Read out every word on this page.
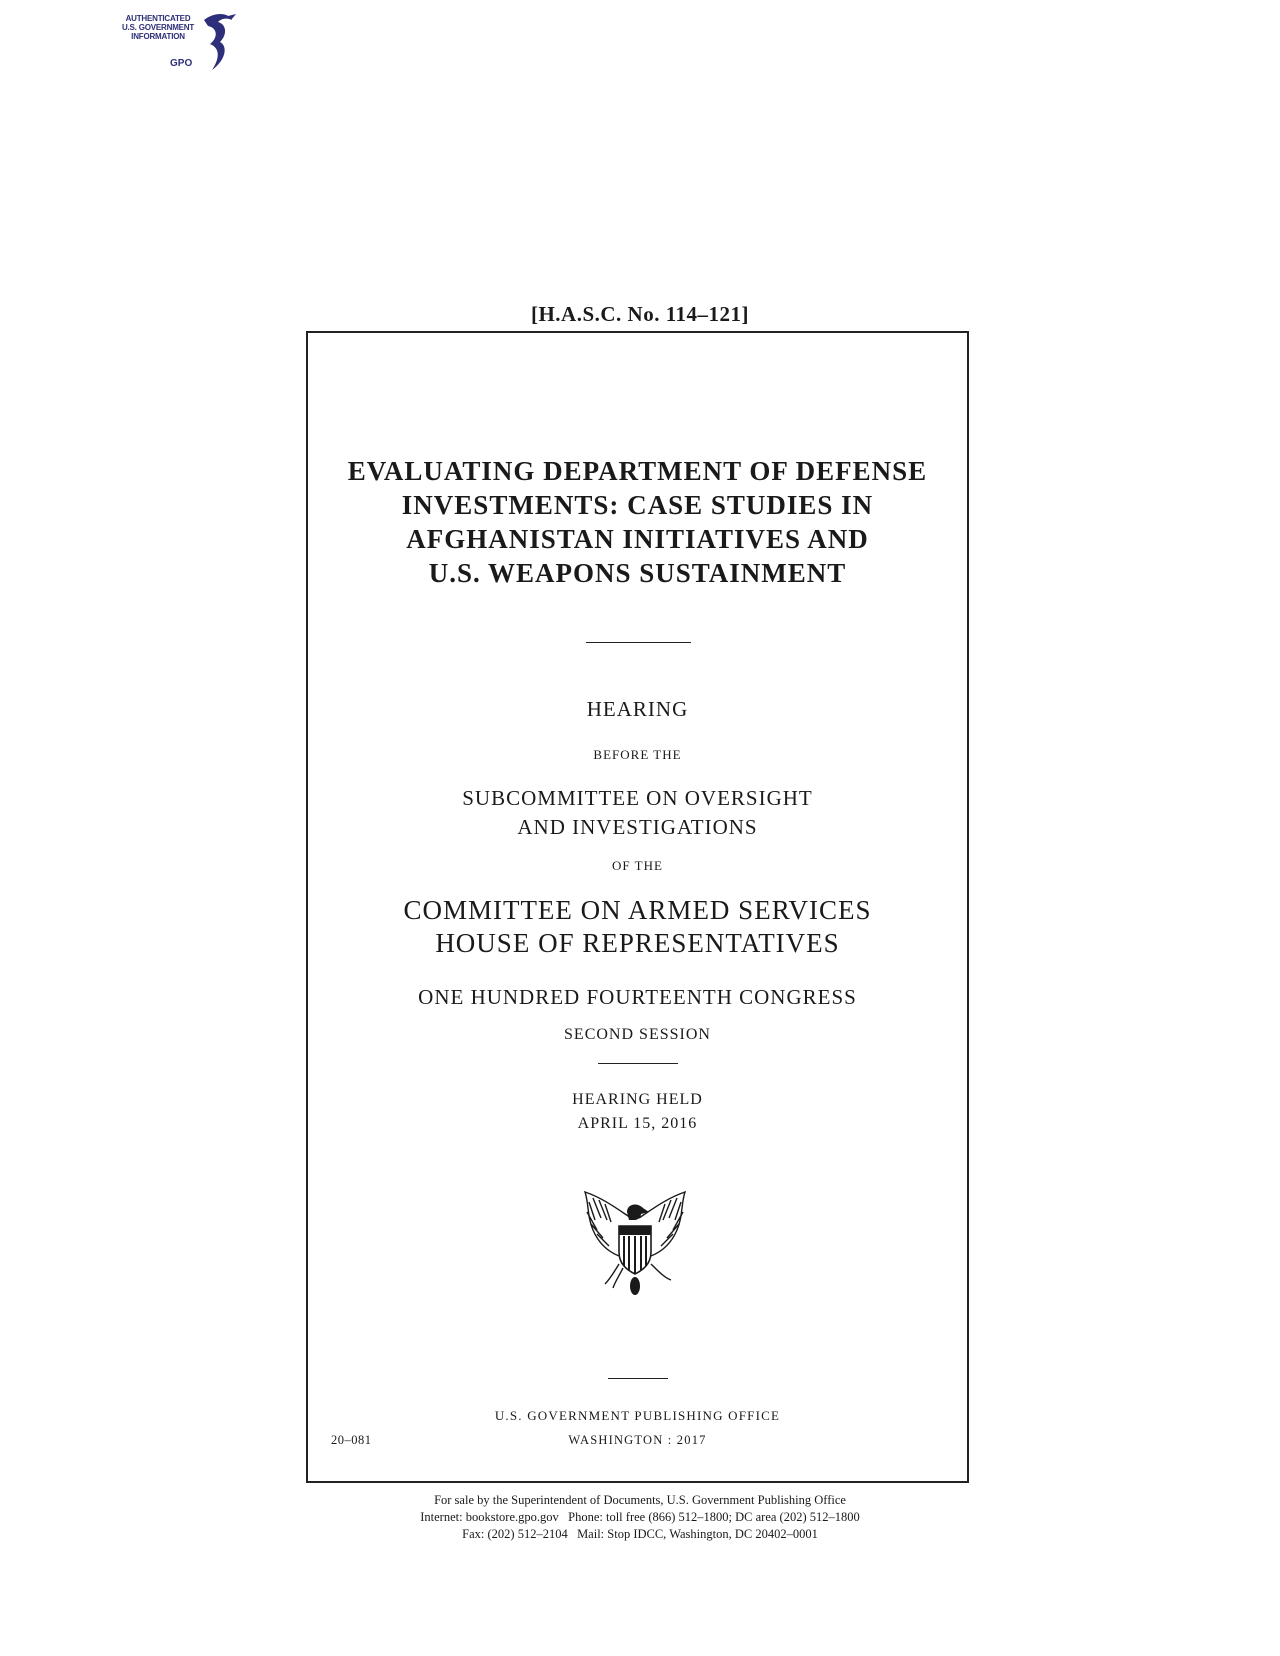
AUTHENTICATED
U.S. GOVERNMENT
INFORMATION
GPO
[H.A.S.C. No. 114–121]
EVALUATING DEPARTMENT OF DEFENSE
INVESTMENTS: CASE STUDIES IN
AFGHANISTAN INITIATIVES AND
U.S. WEAPONS SUSTAINMENT
HEARING
BEFORE THE
SUBCOMMITTEE ON OVERSIGHT
AND INVESTIGATIONS
OF THE
COMMITTEE ON ARMED SERVICES
HOUSE OF REPRESENTATIVES
ONE HUNDRED FOURTEENTH CONGRESS
SECOND SESSION
HEARING HELD
APRIL 15, 2016
U.S. GOVERNMENT PUBLISHING OFFICE
WASHINGTON : 2017
20–081
For sale by the Superintendent of Documents, U.S. Government Publishing Office
Internet: bookstore.gpo.gov   Phone: toll free (866) 512–1800; DC area (202) 512–1800
Fax: (202) 512–2104   Mail: Stop IDCC, Washington, DC 20402–0001
